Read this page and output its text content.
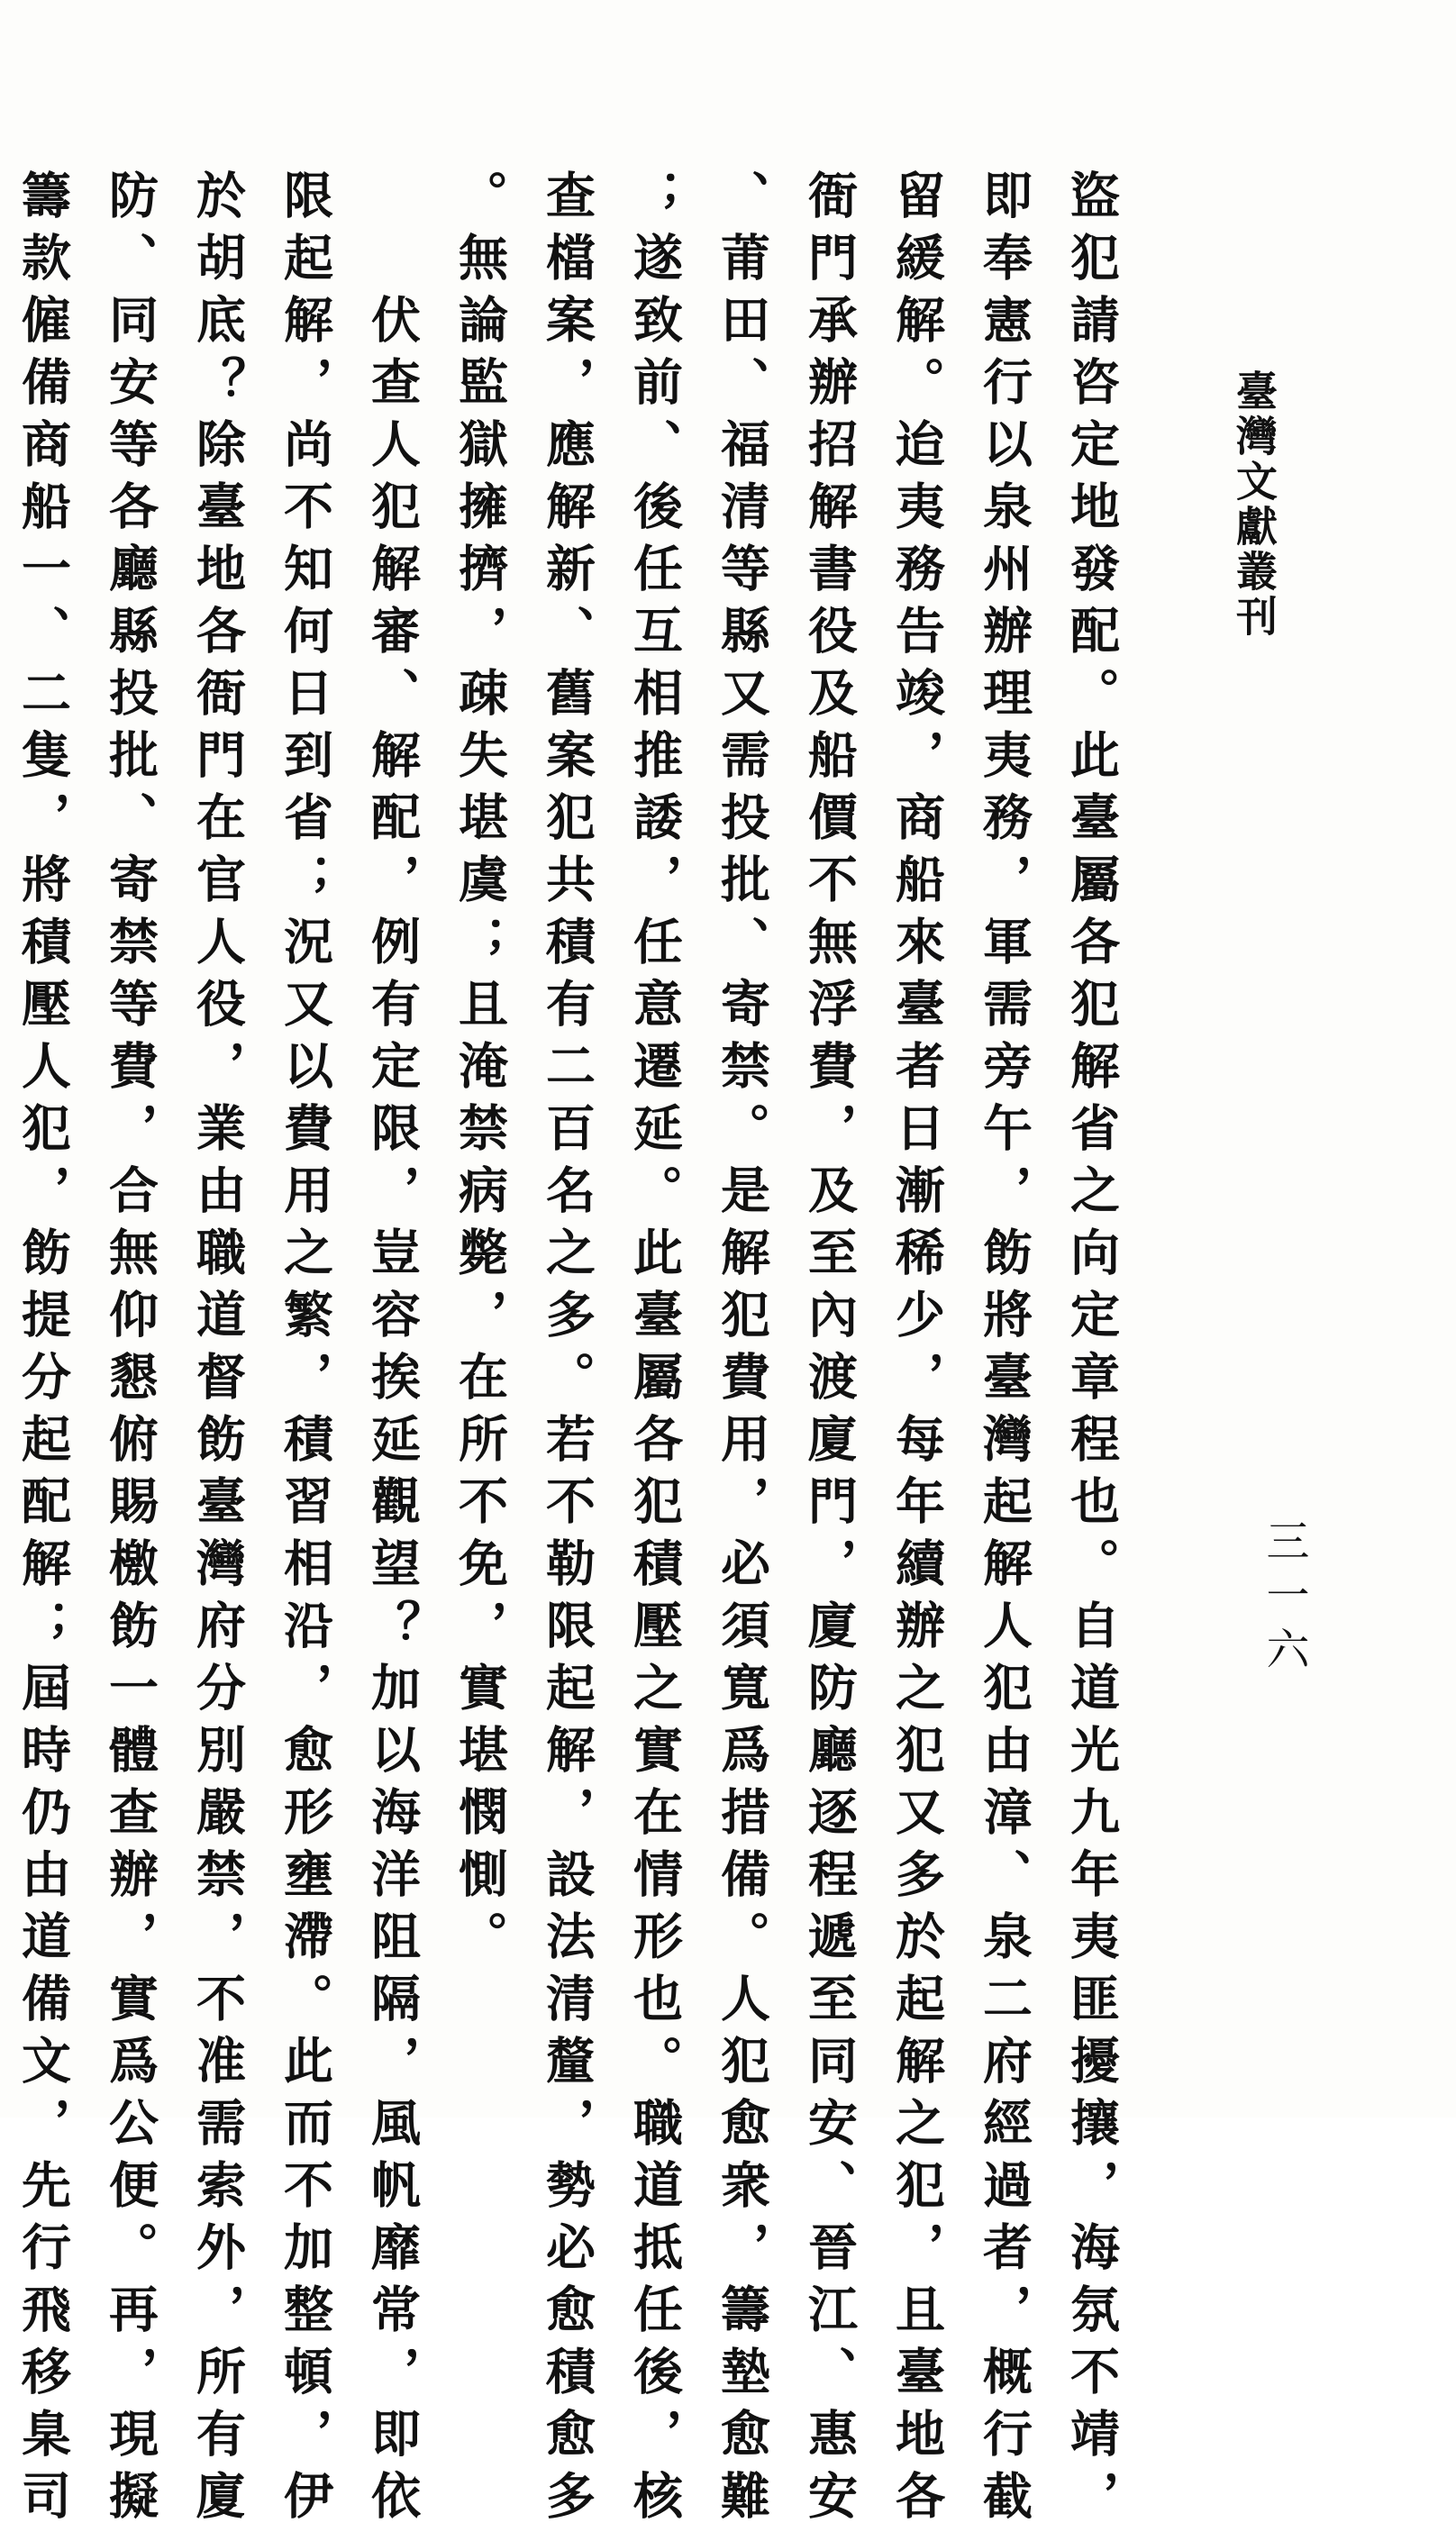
臺灣文獻叢刊
三一六
盜犯請咨定地發配。此臺屬各犯解省之向定章程也。自道光九年夷匪擾攘，海氛不靖，
即奉憲行以泉州辦理夷務，軍需旁午，飭將臺灣起解人犯由漳、泉二府經過者，概行截
留緩解。迨夷務告竣，商船來臺者日漸稀少，每年續辦之犯又多於起解之犯，且臺地各
衙門承辦招解書役及船價不無浮費，及至內渡廈門，廈防廳逐程遞至同安、晉江、惠安
、莆田、福清等縣又需投批、寄禁。是解犯費用，必須寬爲措備。人犯愈衆，籌墊愈難
；遂致前、後任互相推諉，任意遷延。此臺屬各犯積壓之實在情形也。職道抵任後，核
查檔案，應解新、舊案犯共積有二百名之多。若不勒限起解，設法清釐，勢必愈積愈多
。無論監獄擁擠，疎失堪虞；且淹禁病斃，在所不免，實堪憫惻。
伏查人犯解審、解配，例有定限，豈容挨延觀望？加以海洋阻隔，風帆靡常，即依
限起解，尚不知何日到省；況又以費用之繁，積習相沿，愈形壅滯。此而不加整頓，伊
於胡底？除臺地各衙門在官人役，業由職道督飭臺灣府分別嚴禁，不准需索外，所有廈
防、同安等各廳縣投批、寄禁等費，合無仰懇俯賜檄飭一體查辦，實爲公便。再，現擬
籌款僱備商船一、二隻，將積壓人犯，飭提分起配解；屆時仍由道備文，先行飛移臬司
